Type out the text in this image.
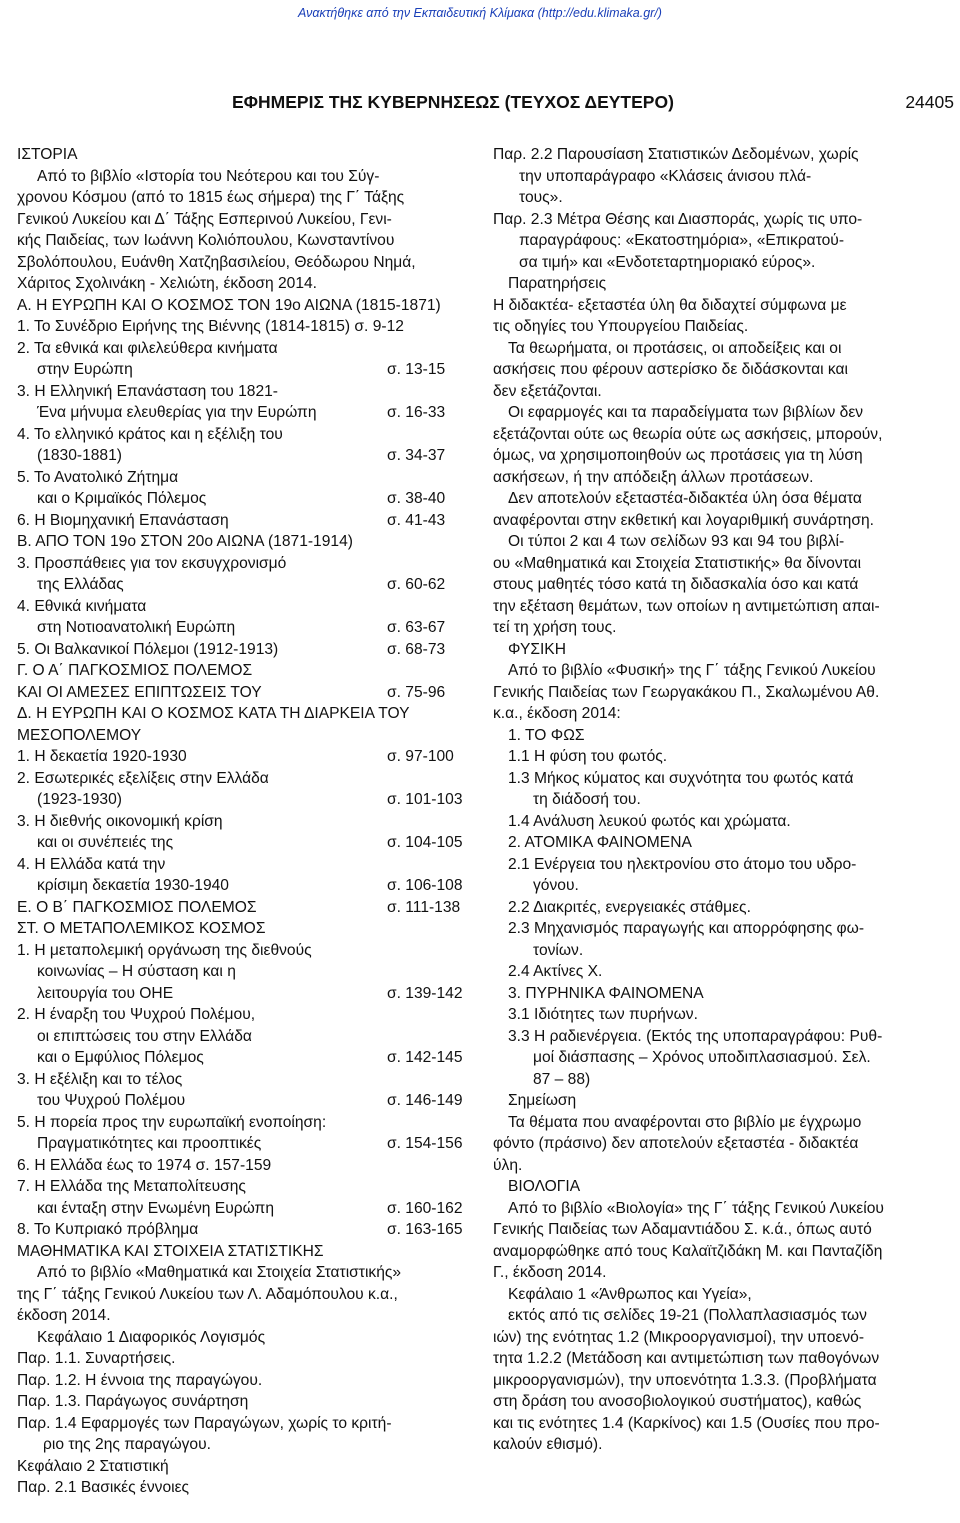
Ανακτήθηκε από την Εκπαιδευτική Κλίμακα (http://edu.klimaka.gr/)
ΕΦΗΜΕΡΙΣ ΤΗΣ ΚΥΒΕΡΝΗΣΕΩΣ (ΤΕΥΧΟΣ ΔΕΥΤΕΡΟ)	24405
ΙΣΤΟΡΙΑ
Από το βιβλίο «Ιστορία του Νεότερου και του Σύγ-
χρονου Κόσμου (από το 1815 έως σήμερα) της Γ΄ Τάξης
Γενικού Λυκείου και Δ΄ Τάξης Εσπερινού Λυκείου, Γενι-
κής Παιδείας, των Ιωάννη Κολιόπουλου, Κωνσταντίνου
Σβολόπουλου, Ευάνθη Χατζηβασιλείου, Θεόδωρου Νημά,
Χάριτος Σχολινάκη - Χελιώτη, έκδοση 2014.
Α. Η ΕΥΡΩΠΗ ΚΑΙ Ο ΚΟΣΜΟΣ ΤΟΝ 19ο ΑΙΩΝΑ (1815-1871)
1. Το Συνέδριο Ειρήνης της Βιέννης (1814-1815) σ. 9-12
2. Τα εθνικά και φιλελεύθερα κινήματα
στην Ευρώπη	σ. 13-15
3. Η Ελληνική Επανάσταση του 1821-
Ένα μήνυμα ελευθερίας για την Ευρώπη	σ. 16-33
4. Το ελληνικό κράτος και η εξέλιξη του
(1830-1881)	σ. 34-37
5. Το Ανατολικό Ζήτημα
και ο Κριμαϊκός Πόλεμος	σ. 38-40
6. Η Βιομηχανική Επανάσταση	σ. 41-43
Β. ΑΠΟ ΤΟΝ 19ο ΣΤΟΝ 20ο ΑΙΩΝΑ (1871-1914)
3. Προσπάθειες για τον εκσυγχρονισμό
της Ελλάδας	σ. 60-62
4. Εθνικά κινήματα
στη Νοτιοανατολική Ευρώπη	σ. 63-67
5. Οι Βαλκανικοί Πόλεμοι (1912-1913)	σ. 68-73
Γ. Ο Α΄ ΠΑΓΚΟΣΜΙΟΣ ΠΟΛΕΜΟΣ
ΚΑΙ ΟΙ ΑΜΕΣΕΣ ΕΠΙΠΤΩΣΕΙΣ ΤΟΥ	σ. 75-96
Δ. Η ΕΥΡΩΠΗ ΚΑΙ Ο ΚΟΣΜΟΣ ΚΑΤΑ ΤΗ ΔΙΑΡΚΕΙΑ ΤΟΥ
ΜΕΣΟΠΟΛΕΜΟΥ
1. Η δεκαετία 1920-1930	σ. 97-100
2. Εσωτερικές εξελίξεις στην Ελλάδα
(1923-1930)	σ. 101-103
3. Η διεθνής οικονομική κρίση
και οι συνέπειές της	σ. 104-105
4. Η Ελλάδα κατά την
κρίσιμη δεκαετία 1930-1940	σ. 106-108
Ε. Ο Β΄ ΠΑΓΚΟΣΜΙΟΣ ΠΟΛΕΜΟΣ	σ. 111-138
ΣΤ. Ο ΜΕΤΑΠΟΛΕΜΙΚΟΣ ΚΟΣΜΟΣ
1. Η μεταπολεμική οργάνωση της διεθνούς
κοινωνίας – Η σύσταση και η
λειτουργία του ΟΗΕ	σ. 139-142
2. Η έναρξη του Ψυχρού Πολέμου,
οι επιπτώσεις του στην Ελλάδα
και ο Εμφύλιος Πόλεμος	σ. 142-145
3. Η εξέλιξη και το τέλος
του Ψυχρού Πολέμου	σ. 146-149
5. Η πορεία προς την ευρωπαϊκή ενοποίηση:
Πραγματικότητες και προοπτικές	σ. 154-156
6. Η Ελλάδα έως το 1974 σ. 157-159
7. Η Ελλάδα της Μεταπολίτευσης
και ένταξη στην Ενωμένη Ευρώπη	σ. 160-162
8. Το Κυπριακό πρόβλημα	σ. 163-165
ΜΑΘΗΜΑΤΙΚΑ ΚΑΙ ΣΤΟΙΧΕΙΑ ΣΤΑΤΙΣΤΙΚΗΣ
Από το βιβλίο «Μαθηματικά και Στοιχεία Στατιστικής»
της Γ΄ τάξης Γενικού Λυκείου των Λ. Αδαμόπουλου κ.α.,
έκδοση 2014.
Κεφάλαιο 1 Διαφορικός Λογισμός
Παρ. 1.1. Συναρτήσεις.
Παρ. 1.2. Η έννοια της παραγώγου.
Παρ. 1.3. Παράγωγος συνάρτηση
Παρ. 1.4 Εφαρμογές των Παραγώγων, χωρίς το κριτή-
ριο της 2ης παραγώγου.
Κεφάλαιο 2 Στατιστική
Παρ. 2.1 Βασικές έννοιες
Παρ. 2.2 Παρουσίαση Στατιστικών Δεδομένων, χωρίς
την υποπαράγραφο «Κλάσεις άνισου πλά-
τους».
Παρ. 2.3 Μέτρα Θέσης και Διασποράς, χωρίς τις υπο-
παραγράφους: «Εκατοστημόρια», «Επικρατού-
σα τιμή» και «Ενδοτεταρτημοριακό εύρος».
Παρατηρήσεις
Η διδακτέα- εξεταστέα ύλη θα διδαχτεί σύμφωνα με
τις οδηγίες του Υπουργείου Παιδείας.
Τα θεωρήματα, οι προτάσεις, οι αποδείξεις και οι
ασκήσεις που φέρουν αστερίσκο δε διδάσκονται και
δεν εξετάζονται.
Οι εφαρμογές και τα παραδείγματα των βιβλίων δεν
εξετάζονται ούτε ως θεωρία ούτε ως ασκήσεις, μπορούν,
όμως, να χρησιμοποιηθούν ως προτάσεις για τη λύση
ασκήσεων, ή την απόδειξη άλλων προτάσεων.
Δεν αποτελούν εξεταστέα-διδακτέα ύλη όσα θέματα
αναφέρονται στην εκθετική και λογαριθμική συνάρτηση.
Οι τύποι 2 και 4 των σελίδων 93 και 94 του βιβλί-
ου «Μαθηματικά και Στοιχεία Στατιστικής» θα δίνονται
στους μαθητές τόσο κατά τη διδασκαλία όσο και κατά
την εξέταση θεμάτων, των οποίων η αντιμετώπιση απαι-
τεί τη χρήση τους.
ΦΥΣΙΚΗ
Από το βιβλίο «Φυσική» της Γ΄ τάξης Γενικού Λυκείου
Γενικής Παιδείας των Γεωργακάκου Π., Σκαλωμένου Αθ.
κ.α., έκδοση 2014:
1. ΤΟ ΦΩΣ
1.1 Η φύση του φωτός.
1.3 Μήκος κύματος και συχνότητα του φωτός κατά
τη διάδοσή του.
1.4 Ανάλυση λευκού φωτός και χρώματα.
2. ΑΤΟΜΙΚΑ ΦΑΙΝΟΜΕΝΑ
2.1 Ενέργεια του ηλεκτρονίου στο άτομο του υδρο-
γόνου.
2.2 Διακριτές, ενεργειακές στάθμες.
2.3 Μηχανισμός παραγωγής και απορρόφησης φω-
τονίων.
2.4 Ακτίνες Χ.
3. ΠΥΡΗΝΙΚΑ ΦΑΙΝΟΜΕΝΑ
3.1 Ιδιότητες των πυρήνων.
3.3 Η ραδιενέργεια. (Εκτός της υποπαραγράφου: Ρυθ-
μοί διάσπασης – Χρόνος υποδιπλασιασμού. Σελ.
87 – 88)
Σημείωση
Τα θέματα που αναφέρονται στο βιβλίο με έγχρωμο
φόντο (πράσινο) δεν αποτελούν εξεταστέα - διδακτέα
ύλη.
ΒΙΟΛΟΓΙΑ
Από το βιβλίο «Βιολογία» της Γ΄ τάξης Γενικού Λυκείου
Γενικής Παιδείας των Αδαμαντιάδου Σ. κ.ά., όπως αυτό
αναμορφώθηκε από τους Καλαϊτζιδάκη Μ. και Πανταζίδη
Γ., έκδοση 2014.
Κεφάλαιο 1 «Άνθρωπος και Υγεία»,
εκτός από τις σελίδες 19-21 (Πολλαπλασιασμός των
ιών) της ενότητας 1.2 (Μικροοργανισμοί), την υποενό-
τητα 1.2.2 (Μετάδοση και αντιμετώπιση των παθογόνων
μικροοργανισμών), την υποενότητα 1.3.3. (Προβλήματα
στη δράση του ανοσοβιολογικού συστήματος), καθώς
και τις ενότητες 1.4 (Καρκίνος) και 1.5 (Ουσίες που προ-
καλούν εθισμό).
